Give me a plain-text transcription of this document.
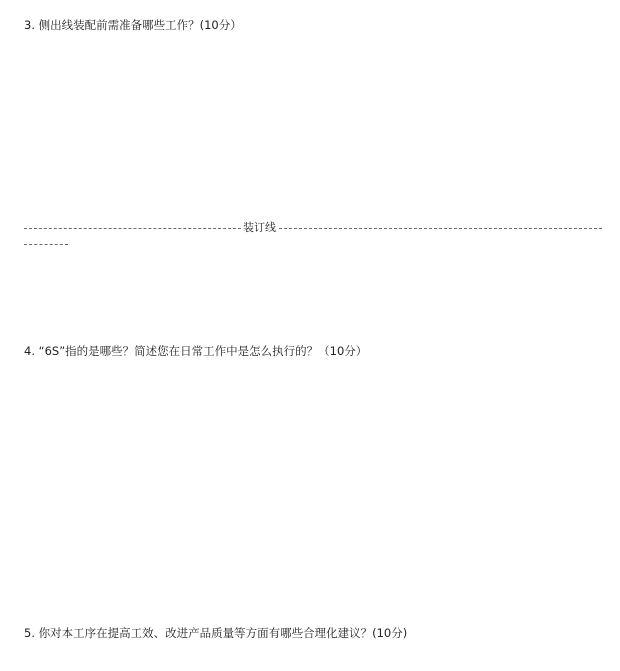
3. 侧出线装配前需准备哪些工作？(10分）
装订线
4. “6S”指的是哪些？简述您在日常工作中是怎么执行的？（10分）
5. 你对本工序在提高工效、改进产品质量等方面有哪些合理化建议？(10分)
